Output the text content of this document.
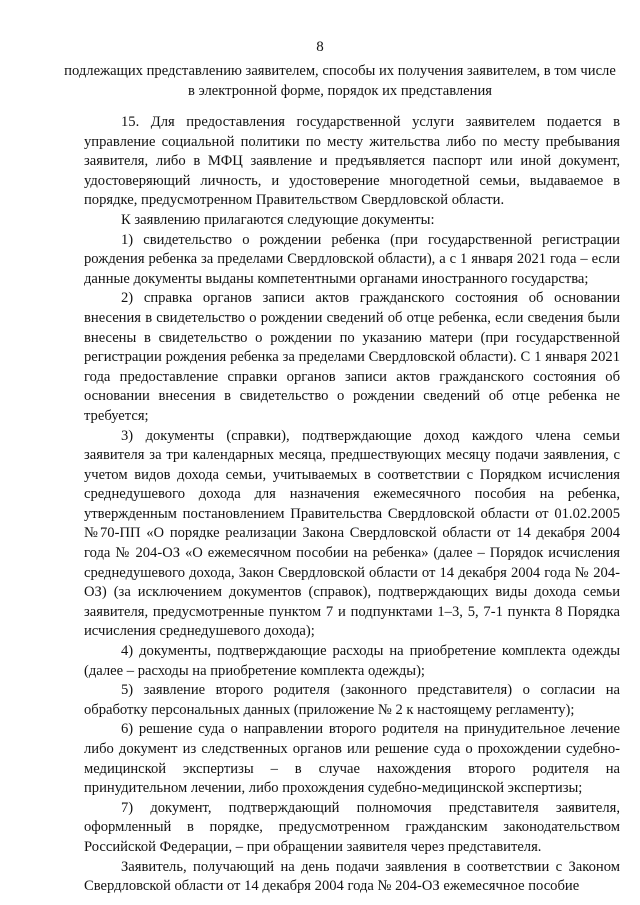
8
подлежащих представлению заявителем, способы их получения заявителем, в том числе в электронной форме, порядок их представления

15. Для предоставления государственной услуги заявителем подается в управление социальной политики по месту жительства либо по месту пребывания заявителя, либо в МФЦ заявление и предъявляется паспорт или иной документ, удостоверяющий личность, и удостоверение многодетной семьи, выдаваемое в порядке, предусмотренном Правительством Свердловской области.

К заявлению прилагаются следующие документы:

1) свидетельство о рождении ребенка (при государственной регистрации рождения ребенка за пределами Свердловской области), а с 1 января 2021 года – если данные документы выданы компетентными органами иностранного государства;

2) справка органов записи актов гражданского состояния об основании внесения в свидетельство о рождении сведений об отце ребенка, если сведения были внесены в свидетельство о рождении по указанию матери (при государственной регистрации рождения ребенка за пределами Свердловской области). С 1 января 2021 года предоставление справки органов записи актов гражданского состояния об основании внесения в свидетельство о рождении сведений об отце ребенка не требуется;

3) документы (справки), подтверждающие доход каждого члена семьи заявителя за три календарных месяца, предшествующих месяцу подачи заявления, с учетом видов дохода семьи, учитываемых в соответствии с Порядком исчисления среднедушевого дохода для назначения ежемесячного пособия на ребенка, утвержденным постановлением Правительства Свердловской области от 01.02.2005 №70-ПП «О порядке реализации Закона Свердловской области от 14 декабря 2004 года № 204-ОЗ «О ежемесячном пособии на ребенка» (далее – Порядок исчисления среднедушевого дохода, Закон Свердловской области от 14 декабря 2004 года № 204-ОЗ) (за исключением документов (справок), подтверждающих виды дохода семьи заявителя, предусмотренные пунктом 7 и подпунктами 1–3, 5, 7-1 пункта 8 Порядка исчисления среднедушевого дохода);

4) документы, подтверждающие расходы на приобретение комплекта одежды (далее – расходы на приобретение комплекта одежды);

5) заявление второго родителя (законного представителя) о согласии на обработку персональных данных (приложение № 2 к настоящему регламенту);

6) решение суда о направлении второго родителя на принудительное лечение либо документ из следственных органов или решение суда о прохождении судебно-медицинской экспертизы – в случае нахождения второго родителя на принудительном лечении, либо прохождения судебно-медицинской экспертизы;

7) документ, подтверждающий полномочия представителя заявителя, оформленный в порядке, предусмотренном гражданским законодательством Российской Федерации, – при обращении заявителя через представителя.

Заявитель, получающий на день подачи заявления в соответствии с Законом Свердловской области от 14 декабря 2004 года № 204-ОЗ ежемесячное пособие
